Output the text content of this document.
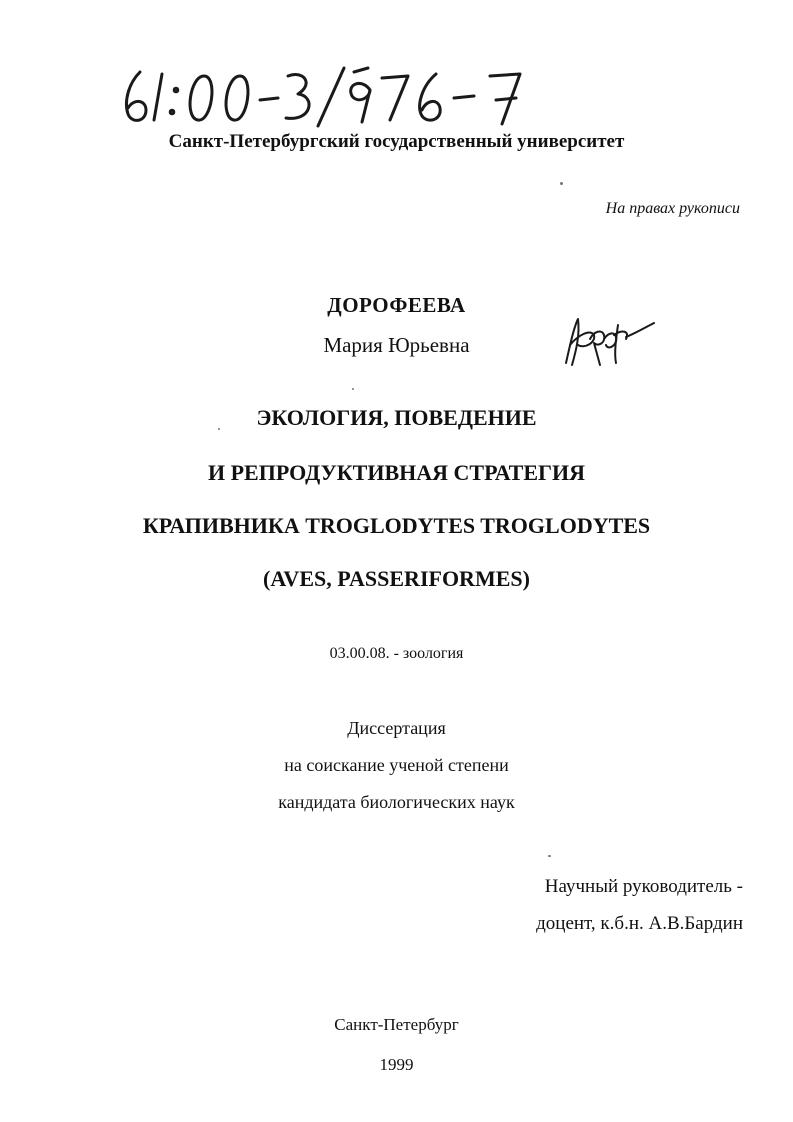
Санкт-Петербургский государственный университет
На правах рукописи
ДОРОФЕЕВА
Мария Юрьевна
ЭКОЛОГИЯ, ПОВЕДЕНИЕ
И РЕПРОДУКТИВНАЯ СТРАТЕГИЯ
КРАПИВНИКА TROGLODYTES TROGLODYTES
(AVES, PASSERIFORMES)
03.00.08. - зоология
Диссертация
на соискание ученой степени
кандидата биологических наук
Научный руководитель -
доцент, к.б.н. А.В.Бардин
Санкт-Петербург
1999
